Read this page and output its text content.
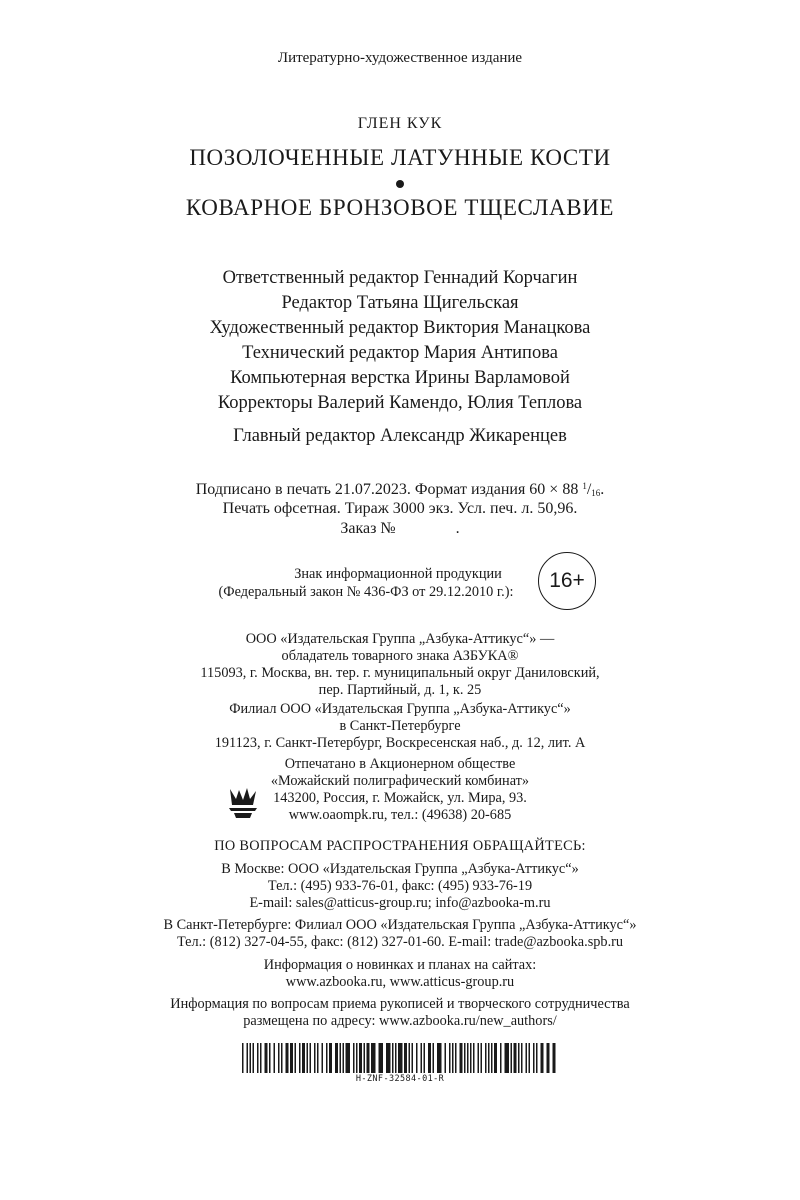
Литературно-художественное издание
ГЛЕН КУК
ПОЗОЛОЧЕННЫЕ ЛАТУННЫЕ КОСТИ
КОВАРНОЕ БРОНЗОВОЕ ТЩЕСЛАВИЕ
Ответственный редактор Геннадий Корчагин
Редактор Татьяна Щигельская
Художественный редактор Виктория Манацкова
Технический редактор Мария Антипова
Компьютерная верстка Ирины Варламовой
Корректоры Валерий Камендо, Юлия Теплова
Главный редактор Александр Жикаренцев
Подписано в печать 21.07.2023. Формат издания 60 × 88 $^1/_{16}$.
Печать офсетная. Тираж 3000 экз. Усл. печ. л. 50,96.
Заказ №	.
Знак информационной продукции
(Федеральный закон № 436-ФЗ от 29.12.2010 г.):	16+
ООО «Издательская Группа „Азбука-Аттикус“» —
обладатель товарного знака АЗБУКА®
115093, г. Москва, вн. тер. г. муниципальный округ Даниловский,
пер. Партийный, д. 1, к. 25
Филиал ООО «Издательская Группа „Азбука-Аттикус“»
в Санкт-Петербурге
191123, г. Санкт-Петербург, Воскресенская наб., д. 12, лит. А
Отпечатано в Акционерном обществе
«Можайский полиграфический комбинат»
143200, Россия, г. Можайск, ул. Мира, 93.
www.oaompk.ru, тел.: (49638) 20-685
ПО ВОПРОСАМ РАСПРОСТРАНЕНИЯ ОБРАЩАЙТЕСЬ:
В Москве: ООО «Издательская Группа „Азбука-Аттикус“»
Тел.: (495) 933-76-01, факс: (495) 933-76-19
E-mail: sales@atticus-group.ru; info@azbooka-m.ru
В Санкт-Петербурге: Филиал ООО «Издательская Группа „Азбука-Аттикус“»
Тел.: (812) 327-04-55, факс: (812) 327-01-60. E-mail: trade@azbooka.spb.ru
Информация о новинках и планах на сайтах:
www.azbooka.ru, www.atticus-group.ru
Информация по вопросам приема рукописей и творческого сотрудничества
размещена по адресу: www.azbooka.ru/new_authors/
Н-ZNF-32584-01-R
